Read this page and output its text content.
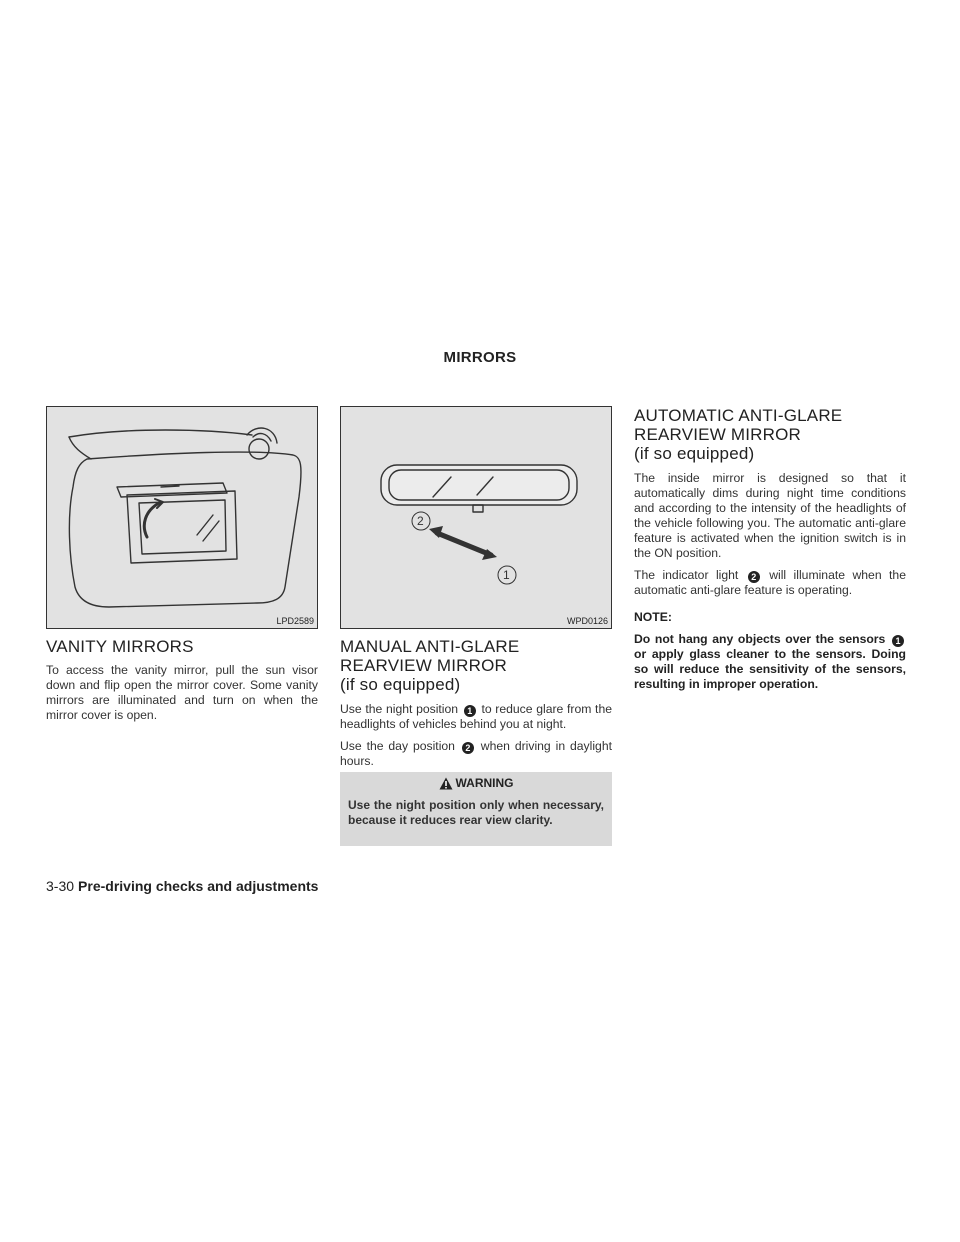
MIRRORS
LPD2589
2
1
WPD0126
VANITY MIRRORS

To access the vanity mirror, pull the sun visor down and flip open the mirror cover. Some vanity mirrors are illuminated and turn on when the mirror cover is open.

MANUAL ANTI-GLARE REARVIEW MIRROR
(if so equipped)

Use the night position 1 to reduce glare from the headlights of vehicles behind you at night.

Use the day position 2 when driving in daylight hours.

WARNING

Use the night position only when necessary, because it reduces rear view clarity.

AUTOMATIC ANTI-GLARE REARVIEW MIRROR
(if so equipped)

The inside mirror is designed so that it automatically dims during night time conditions and according to the intensity of the headlights of the vehicle following you. The automatic anti-glare feature is activated when the ignition switch is in the ON position.

The indicator light 2 will illuminate when the automatic anti-glare feature is operating.

NOTE:

Do not hang any objects over the sensors 1 or apply glass cleaner to the sensors. Doing so will reduce the sensitivity of the sensors, resulting in improper operation.

3-30 Pre-driving checks and adjustments
